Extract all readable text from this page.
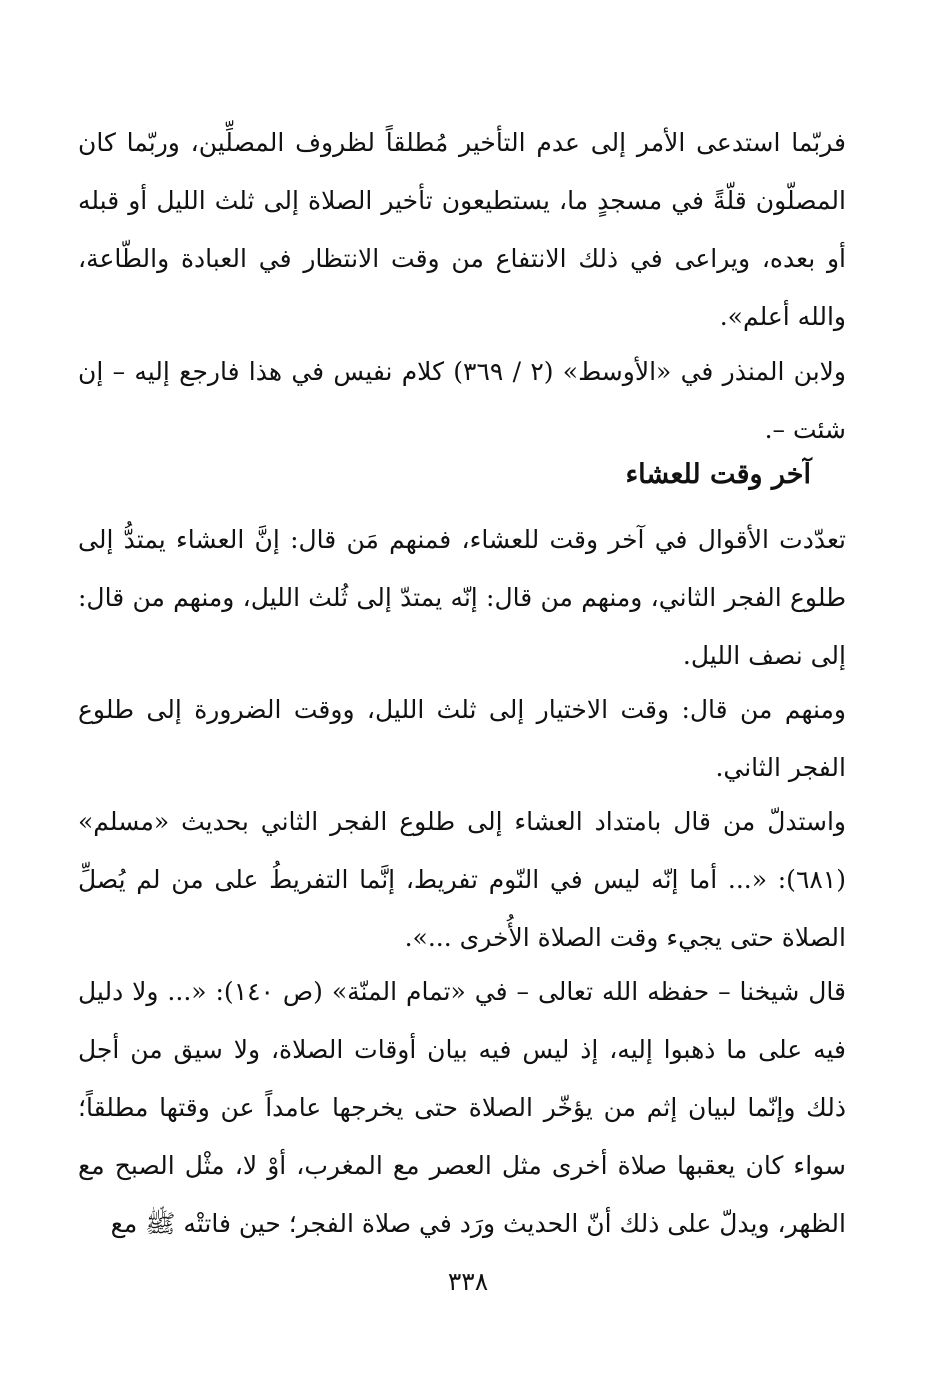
فربّما استدعى الأمر إلى عدم التأخير مُطلقاً لظروف المصلِّين، وربّما كان المصلّون قلّةً في مسجدٍ ما، يستطيعون تأخير الصلاة إلى ثلث الليل أو قبله أو بعده، ويراعى في ذلك الانتفاع من وقت الانتظار في العبادة والطّاعة، والله أعلم».

ولابن المنذر في «الأوسط» (٢ / ٣٦٩) كلام نفيس في هذا فارجع إليه – إن شئت –.

آخر وقت للعشاء

تعدّدت الأقوال في آخر وقت للعشاء، فمنهم مَن قال: إنَّ العشاء يمتدُّ إلى طلوع الفجر الثاني، ومنهم من قال: إنّه يمتدّ إلى ثُلث الليل، ومنهم من قال: إلى نصف الليل.

ومنهم من قال: وقت الاختيار إلى ثلث الليل، ووقت الضرورة إلى طلوع الفجر الثاني.

واستدلّ من قال بامتداد العشاء إلى طلوع الفجر الثاني بحديث «مسلم» (٦٨١): «... أما إنّه ليس في النّوم تفريط، إنَّما التفريطُ على من لم يُصلِّ الصلاة حتى يجيء وقت الصلاة الأُخرى ...».

قال شيخنا – حفظه الله تعالى – في «تمام المنّة» (ص ١٤٠): «... ولا دليل فيه على ما ذهبوا إليه، إذ ليس فيه بيان أوقات الصلاة، ولا سيق من أجل ذلك وإنّما لبيان إثم من يؤخّر الصلاة حتى يخرجها عامداً عن وقتها مطلقاً؛ سواء كان يعقبها صلاة أخرى مثل العصر مع المغرب، أوْ لا، مثْل الصبح مع الظهر، ويدلّ على ذلك أنّ الحديث ورَد في صلاة الفجر؛ حين فاتتْه ﷺ مع

٣٣٨
